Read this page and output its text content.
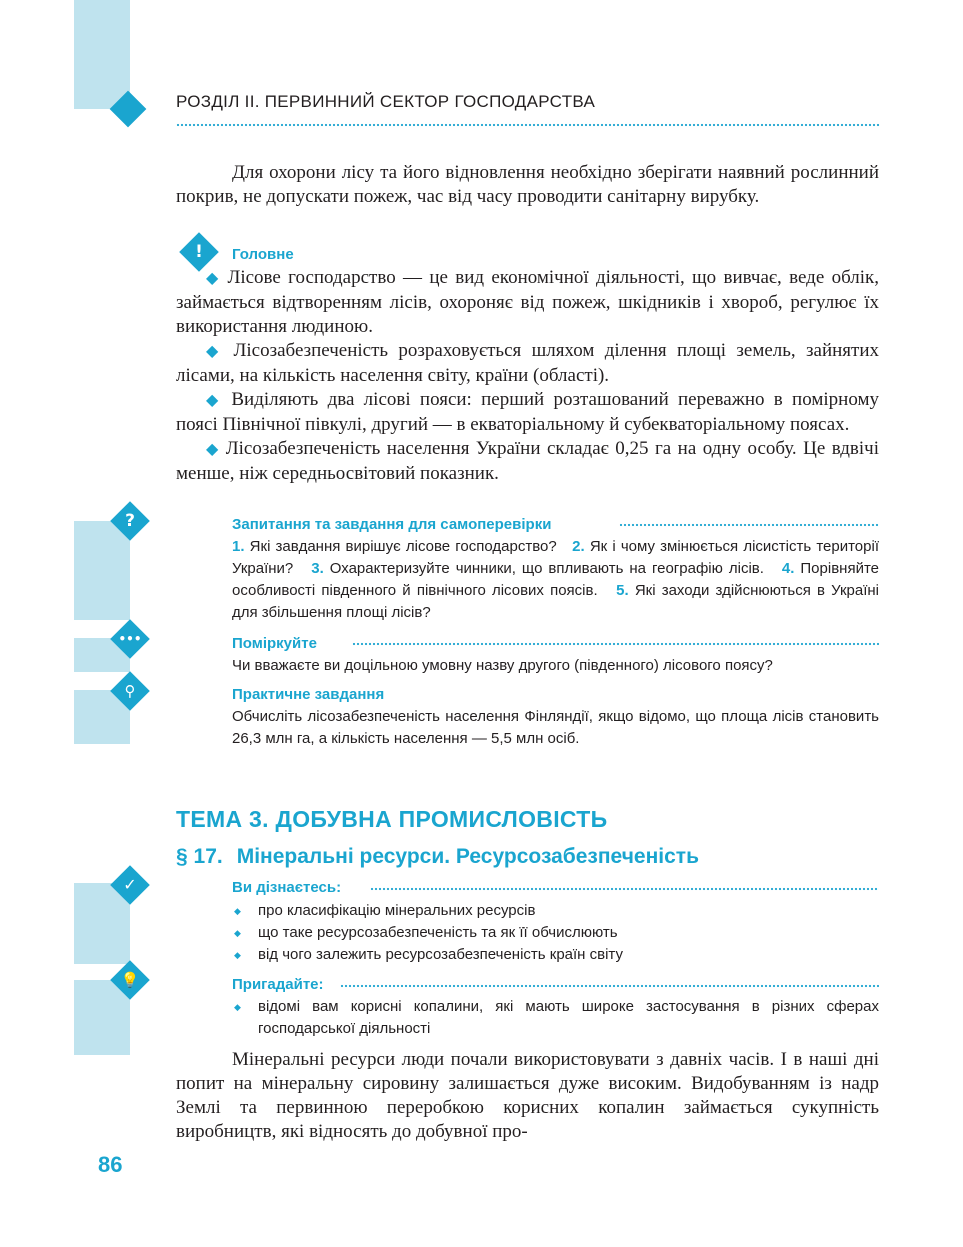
РОЗДІЛ ІІ. ПЕРВИННИЙ СЕКТОР ГОСПОДАРСТВА
Для охорони лісу та його відновлення необхідно зберігати наявний рослинний покрив, не допускати пожеж, час від часу проводити санітарну вирубку.
! Головне
◆ Лісове господарство — це вид економічної діяльності, що вивчає, веде облік, займається відтворенням лісів, охороняє від пожеж, шкідників і хвороб, регулює їх використання людиною.
◆ Лісозабезпеченість розраховується шляхом ділення площі земель, зайнятих лісами, на кількість населення світу, країни (області).
◆ Виділяють два лісові пояси: перший розташований переважно в помірному поясі Північної півкулі, другий — в екваторіальному й субекваторіальному поясах.
◆ Лісозабезпеченість населення України складає 0,25 га на одну особу. Це вдвічі менше, ніж середньосвітовий показник.
?	Запитання та завдання для самоперевірки
1. Які завдання вирішує лісове господарство? 2. Як і чому змінюється лісистість території України? 3. Охарактеризуйте чинники, що впливають на географію лісів. 4. Порівняйте особливості південного й північного лісових поясів. 5. Які заходи здійснюються в Україні для збільшення площі лісів?
•••	Поміркуйте
Чи вважаєте ви доцільною умовну назву другого (південного) лісового поясу?
⚲	Практичне завдання
Обчисліть лісозабезпеченість населення Фінляндії, якщо відомо, що площа лісів становить 26,3 млн га, а кількість населення — 5,5 млн осіб.
ТЕМА 3. ДОБУВНА ПРОМИСЛОВІСТЬ
§ 17. Мінеральні ресурси. Ресурсозабезпеченість
✓	Ви дізнаєтесь:
◆ про класифікацію мінеральних ресурсів
◆ що таке ресурсозабезпеченість та як її обчислюють
◆ від чого залежить ресурсозабезпеченість країн світу
💡	Пригадайте:
◆ відомі вам корисні копалини, які мають широке застосування в різних сферах господарської діяльності
Мінеральні ресурси люди почали використовувати з давніх часів. І в наші дні попит на мінеральну сировину залишається дуже високим. Видобуванням із надр Землі та первинною переробкою корисних копалин займається сукупність виробництв, які відносять до добувної про-
86
